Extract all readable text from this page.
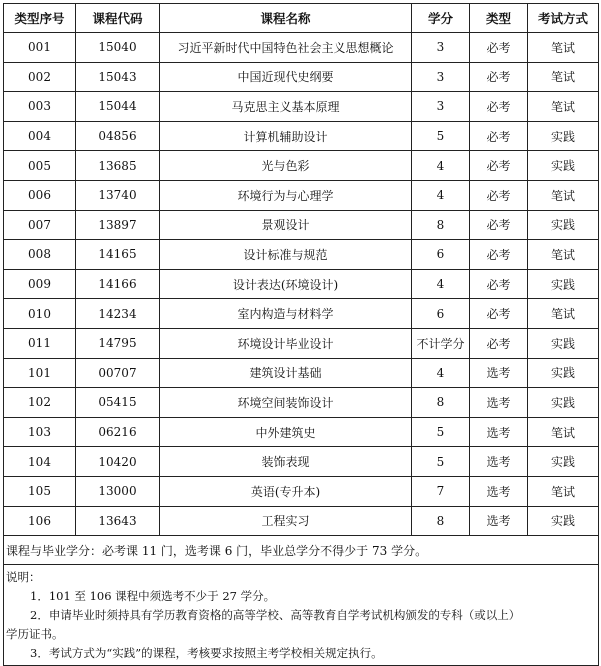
类型序号	课程代码	课程名称	学分	类型	考试方式
001	15040	习近平新时代中国特色社会主义思想概论	3	必考	笔试
002	15043	中国近现代史纲要	3	必考	笔试
003	15044	马克思主义基本原理	3	必考	笔试
004	04856	计算机辅助设计	5	必考	实践
005	13685	光与色彩	4	必考	实践
006	13740	环境行为与心理学	4	必考	笔试
007	13897	景观设计	8	必考	实践
008	14165	设计标准与规范	6	必考	笔试
009	14166	设计表达(环境设计)	4	必考	实践
010	14234	室内构造与材料学	6	必考	笔试
011	14795	环境设计毕业设计	不计学分	必考	实践
101	00707	建筑设计基础	4	选考	实践
102	05415	环境空间装饰设计	8	选考	实践
103	06216	中外建筑史	5	选考	笔试
104	10420	装饰表现	5	选考	实践
105	13000	英语(专升本)	7	选考	笔试
106	13643	工程实习	8	选考	实践
课程与毕业学分：必考课 11 门，选考课 6 门，毕业总学分不得少于 73 学分。					

说明：
1．101 至 106 课程中须选考不少于 27 学分。
2．申请毕业时须持具有学历教育资格的高等学校、高等教育自学考试机构颁发的专科（或以上）
学历证书。
3．考试方式为“实践”的课程，考核要求按照主考学校相关规定执行。					
